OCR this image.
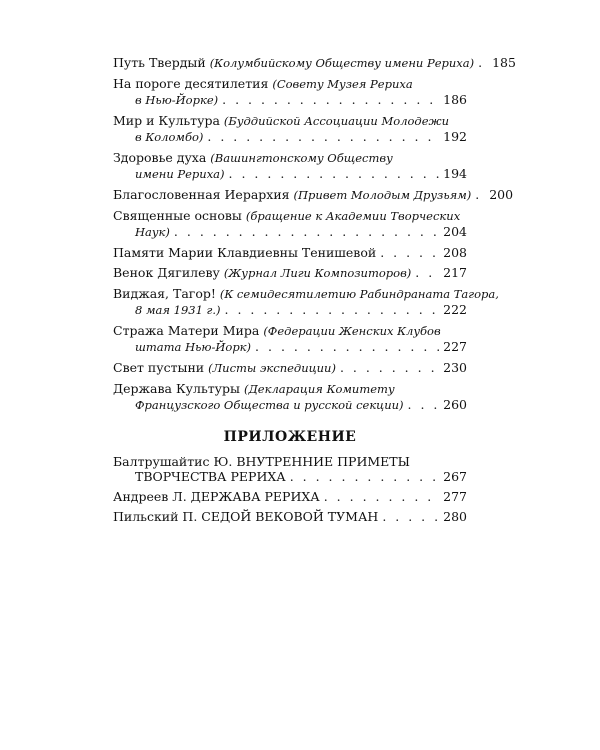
Путь Твердый (Колумбийскому Обществу имени Рериха) . . . 185
На пороге десятилетия (Совету Музея Рериха
в Нью-Йорке) . . .	186
Мир и Культура (Буддийской Ассоциации Молодежи
в Коломбо) . . .	192
Здоровье духа (Вашингтонскому Обществу
имени Рериха) . . .	194
Благословенная Иерархия (Привет Молодым Друзьям) . . . 200
Священные основы (бращение к Академии Творческих
Наук) . . .	204
Памяти Марии Клавдиевны Тенишевой . . .	208
Венок Дягилеву (Журнал Лиги Композиторов) . . .	217
Виджая, Тагор! (К семидесятилетию Рабиндраната Тагора,
8 мая 1931 г.) . . .	222
Стража Матери Мира (Федерации Женских Клубов
штата Нью-Йорк) . . .	227
Свет пустыни (Листы экспедиции) . . .	230
Держава Культуры (Декларация Комитету
Французского Общества и русской секции) . . .	260
ПРИЛОЖЕНИЕ
Балтрушайтис Ю. ВНУТРЕННИЕ ПРИМЕТЫ
ТВОРЧЕСТВА РЕРИХА . . .	267
Андреев Л. ДЕРЖАВА РЕРИХА . . .	277
Пильский П. СЕДОЙ ВЕКОВОЙ ТУМАН . . .	280
